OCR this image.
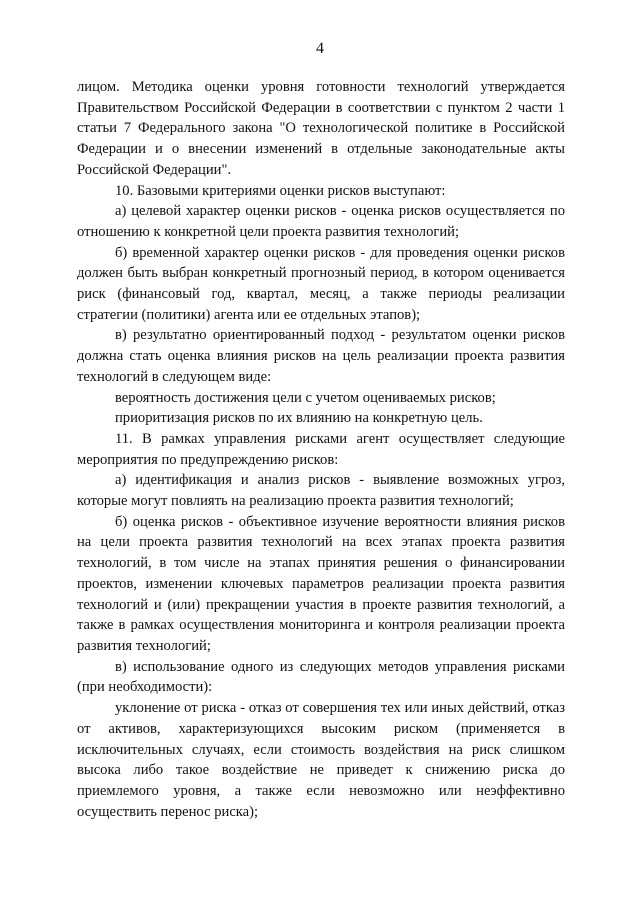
4

лицом. Методика оценки уровня готовности технологий утверждается Правительством Российской Федерации в соответствии с пунктом 2 части 1 статьи 7 Федерального закона "О технологической политике в Российской Федерации и о внесении изменений в отдельные законодательные акты Российской Федерации".

10. Базовыми критериями оценки рисков выступают:

а) целевой характер оценки рисков - оценка рисков осуществляется по отношению к конкретной цели проекта развития технологий;

б) временной характер оценки рисков - для проведения оценки рисков должен быть выбран конкретный прогнозный период, в котором оценивается риск (финансовый год, квартал, месяц, а также периоды реализации стратегии (политики) агента или ее отдельных этапов);

в) результатно ориентированный подход - результатом оценки рисков должна стать оценка влияния рисков на цель реализации проекта развития технологий в следующем виде:

вероятность достижения цели с учетом оцениваемых рисков;

приоритизация рисков по их влиянию на конкретную цель.

11. В рамках управления рисками агент осуществляет следующие мероприятия по предупреждению рисков:

а) идентификация и анализ рисков - выявление возможных угроз, которые могут повлиять на реализацию проекта развития технологий;

б) оценка рисков - объективное изучение вероятности влияния рисков на цели проекта развития технологий на всех этапах проекта развития технологий, в том числе на этапах принятия решения о финансировании проектов, изменении ключевых параметров реализации проекта развития технологий и (или) прекращении участия в проекте развития технологий, а также в рамках осуществления мониторинга и контроля реализации проекта развития технологий;

в) использование одного из следующих методов управления рисками (при необходимости):

уклонение от риска - отказ от совершения тех или иных действий, отказ от активов, характеризующихся высоким риском (применяется в исключительных случаях, если стоимость воздействия на риск слишком высока либо такое воздействие не приведет к снижению риска до приемлемого уровня, а также если невозможно или неэффективно осуществить перенос риска);
